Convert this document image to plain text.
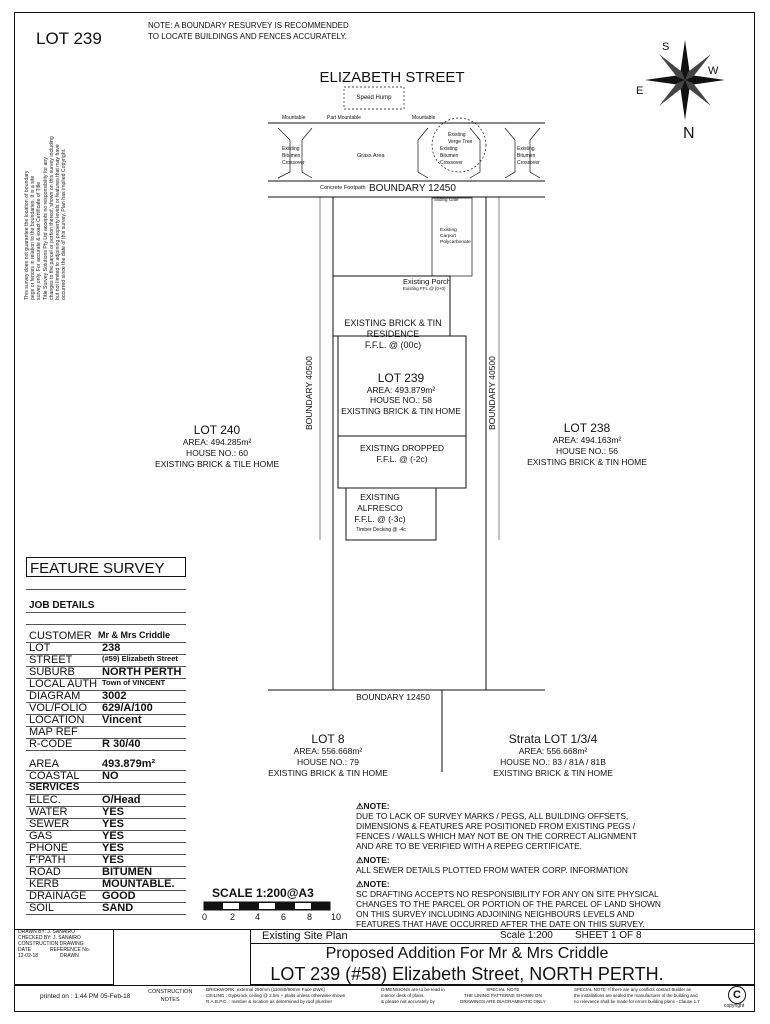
LOT 239
NOTE: A BOUNDARY RESURVEY IS RECOMMENDED
TO LOCATE BUILDINGS AND FENCES ACCURATELY.
This survey does not guarantee the location of boundary pegs or fences in relation to the boundaries. It is a site survey only. For accurate & exact Certificate of Title Title Survey Solutions Pty Ltd accepts no responsibility for any changes to the parcel or portion thereof, shown on this survey including but not limited to adjoining property levels or features that may have occurred since the date of this survey. Plan has implied Copyright.
S
W
E
N
ELIZABETH STREET
Speed Hump
Mountable	Part Mountable	Mountable
Existing
Bitumen
Crossover
Grass Area
Existing
Bitumen
Crossover
Existing
Bitumen
Crossover
Existing
Verge Tree
Concrete Footpath BOUNDARY 12450
Sliding Gate
Existing
Carport
Polycarbonate
Existing Porch
Existing FFL @ (0+0)
EXISTING BRICK & TIN
RESIDENCE
F.F.L. @ (00c)
LOT 239
AREA: 493.879m²
HOUSE NO.: 58
EXISTING BRICK & TIN HOME
EXISTING DROPPED
F.F.L. @ (-2c)
EXISTING
ALFRESCO
F.F.L. @ (-3c)
Timber Decking @ -4c
BOUNDARY 40500	BOUNDARY 40500
BOUNDARY 12450
LOT 240
AREA: 494.285m²
HOUSE NO.: 60
EXISTING BRICK & TILE HOME
LOT 238
AREA: 494.163m²
HOUSE NO.: 56
EXISTING BRICK & TIN HOME
LOT 8
AREA: 556.668m²
HOUSE NO.: 79
EXISTING BRICK & TIN HOME
Strata LOT 1/3/4
AREA: 556.668m²
HOUSE NO.: 83 / 81A / 81B
EXISTING BRICK & TIN HOME
FEATURE SURVEY
JOB DETAILS
CUSTOMER Mr & Mrs Criddle
LOT	238
STREET	(#59) Elizabeth Street
SUBURB NORTH PERTH
LOCAL AUTH Town of VINCENT
DIAGRAM 3002
VOL/FOLIO 629/A/100
LOCATION Vincent
MAP REF
R-CODE	R 30/40
AREA	493.879m²
COASTAL NO
SERVICES
ELEC.	O/Head
WATER	YES
SEWER	YES
GAS	YES
PHONE	YES
F'PATH	YES
ROAD	BITUMEN
KERB	MOUNTABLE.
DRAINAGE GOOD
SOIL	SAND
SCALE 1:200@A3
0	2 4 6 8 10
⚠NOTE:
DUE TO LACK OF SURVEY MARKS / PEGS, ALL BUILDING OFFSETS,
DIMENSIONS & FEATURES ARE POSITIONED FROM EXISTING PEGS /
FENCES / WALLS WHICH MAY NOT BE ON THE CORRECT ALIGNMENT
AND ARE TO BE VERIFIED WITH A REPEG CERTIFICATE.
⚠NOTE:
ALL SEWER DETAILS PLOTTED FROM WATER CORP. INFORMATION
⚠NOTE:
SC DRAFTING ACCEPTS NO RESPONSIBILITY FOR ANY ON SITE PHYSICAL
CHANGES TO THE PARCEL OR PORTION OF THE PARCEL OF LAND SHOWN
ON THIS SURVEY INCLUDING ADJOINING NEIGHBOURS LEVELS AND
FEATURES THAT HAVE OCCURRED AFTER THE DATE ON THIS SURVEY.
DRAWN BY: J. SANAIRO
CHECKED BY: J. SANAIRO
CONSTRUCTION DRAWING
DATE	REFERENCE No.
12-02-18	DRAWN
Existing Site Plan	Scale 1:200 SHEET 1 OF 8
Proposed Addition For Mr & Mrs Criddle
LOT 239 (#58) Elizabeth Street, NORTH PERTH.
printed on : 1:44 PM 05-Feb-18
CONSTRUCTION
NOTES
BRICKWORK: external 250mm (110/50/90mm Face BWK)
CEILING : Gypsrock ceiling @ 2.5m + plaits unless otherwise shown
R.A.B.P.C. : number & location as determined by roof plumber
DIMENSIONS are to be read in
interior desk of plans.
& please not accurately by
SPECIAL NOTE
THE LINING PATTERNS SHOWN ON
DRAWINGS ARE DIAGRAMMATIC ONLY
SPECIAL NOTE: If there are any conflicts contact Builder as
the installations are sealed the manufacturer of the building and
no relevance shall be made for errors building plans - Clause 1.7
C
copyright
